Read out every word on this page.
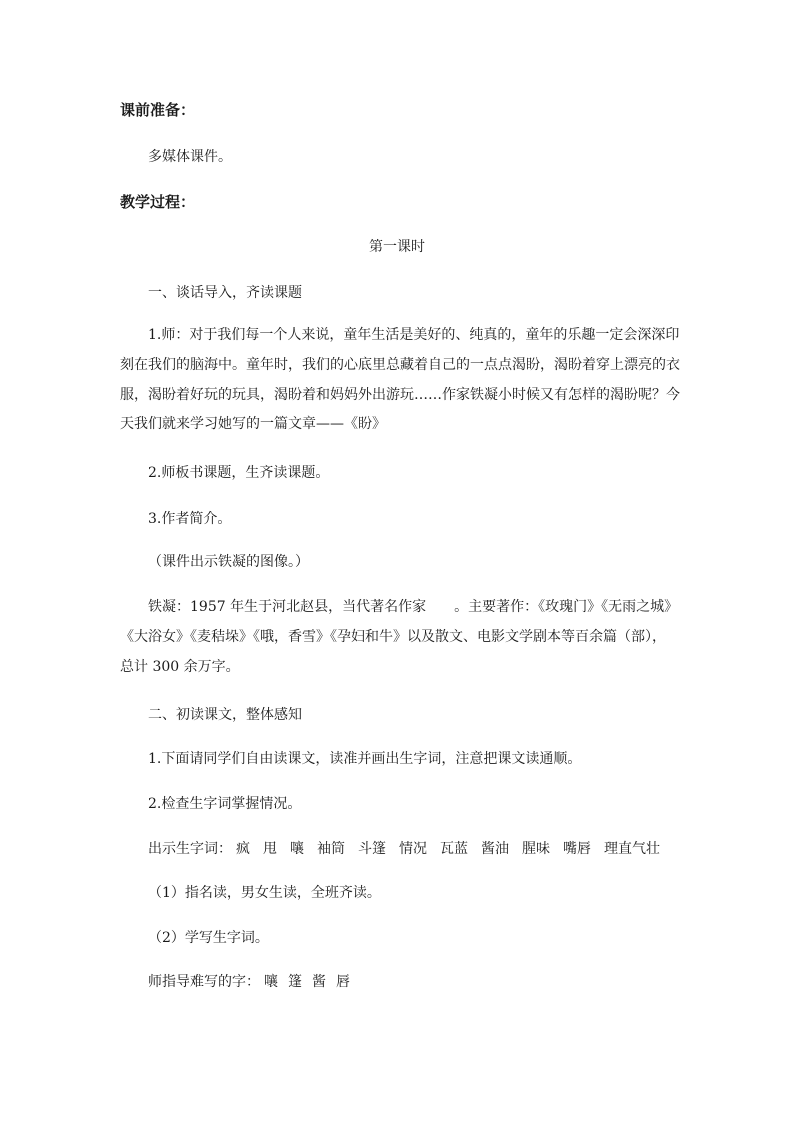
课前准备：
多媒体课件。
教学过程：
第一课时
一、谈话导入，齐读课题
1.师：对于我们每一个人来说，童年生活是美好的、纯真的，童年的乐趣一定会深深印
刻在我们的脑海中。童年时，我们的心底里总藏着自己的一点点渴盼，渴盼着穿上漂亮的衣
服，渴盼着好玩的玩具，渴盼着和妈妈外出游玩……作家铁凝小时候又有怎样的渴盼呢？今
天我们就来学习她写的一篇文章——《盼》
2.师板书课题，生齐读课题。
3.作者简介。
（课件出示铁凝的图像。）
铁凝：1957 年生于河北赵县，当代著名作家　　。主要著作：《玫瑰门》《无雨之城》
《大浴女》《麦秸垛》《哦，香雪》《孕妇和牛》以及散文、电影文学剧本等百余篇（部），
总计 300 余万字。
二、初读课文，整体感知
1.下面请同学们自由读课文，读准并画出生字词，注意把课文读通顺。
2.检查生字词掌握情况。
出示生字词： 疯 甩 嚷 袖筒 斗篷 情况 瓦蓝 酱油 腥味 嘴唇 理直气壮
（1）指名读，男女生读，全班齐读。
（2）学写生字词。
师指导难写的字： 嚷 篷 酱 唇
